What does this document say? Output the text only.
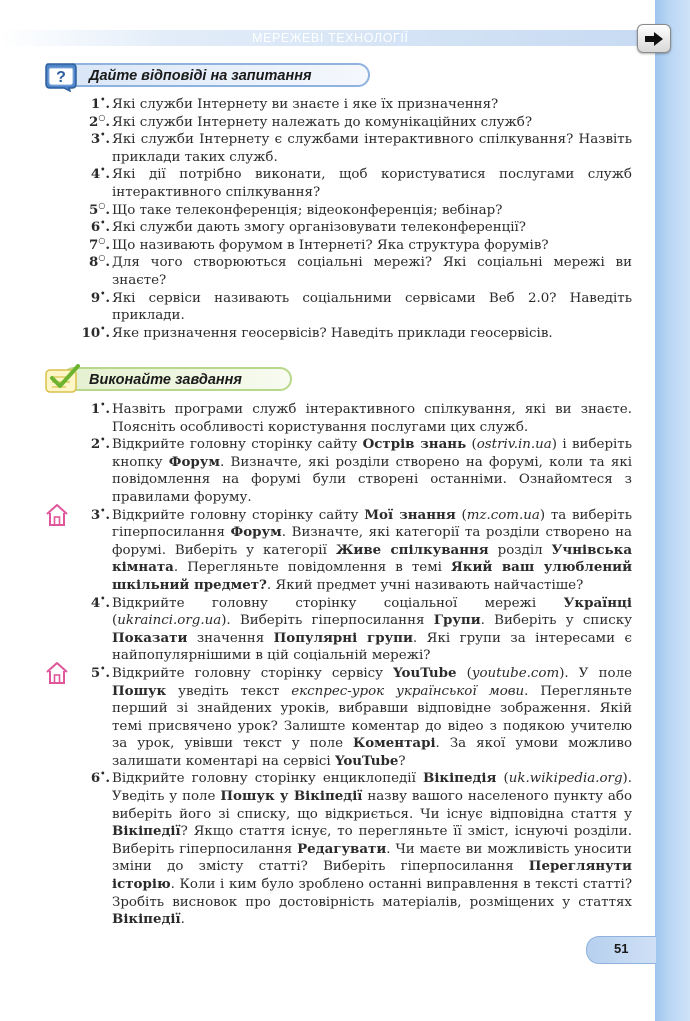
МЕРЕЖЕВІ ТЕХНОЛОГІЇ
? Дайте відповіді на запитання
1•. Які служби Інтернету ви знаєте і яке їх призначення?
2○. Які служби Інтернету належать до комунікаційних служб?
3•. Які служби Інтернету є службами інтерактивного спілкування? Назвіть приклади таких служб.
4•. Які дії потрібно виконати, щоб користуватися послугами служб інтерактивного спілкування?
5○. Що таке телеконференція; відеоконференція; вебінар?
6•. Які служби дають змогу організовувати телеконференції?
7○. Що називають форумом в Інтернеті? Яка структура форумів?
8○. Для чого створюються соціальні мережі? Які соціальні мережі ви знаєте?
9•. Які сервіси називають соціальними сервісами Веб 2.0? Наведіть приклади.
10•. Яке призначення геосервісів? Наведіть приклади геосервісів.
Виконайте завдання
1•. Назвіть програми служб інтерактивного спілкування, які ви знаєте. Поясніть особливості користування послугами цих служб.
2•. Відкрийте головну сторінку сайту Острів знань (ostriv.in.ua) і виберіть кнопку Форум. Визначте, які розділи створено на форумі, коли та які повідомлення на форумі були створені останніми. Ознайомтеся з правилами форуму.
3•. Відкрийте головну сторінку сайту Мої знання (mz.com.ua) та виберіть гіперпосилання Форум. Визначте, які категорії та розділи створено на форумі. Виберіть у категорії Живе спілкування розділ Учнівська кімната. Перегляньте повідомлення в темі Який ваш улюблений шкільний предмет?. Який предмет учні називають найчастіше?
4•. Відкрийте головну сторінку соціальної мережі Українці (ukrainci.org.ua). Виберіть гіперпосилання Групи. Виберіть у списку Показати значення Популярні групи. Які групи за інтересами є найпопулярнішими в цій соціальній мережі?
5•. Відкрийте головну сторінку сервісу YouTube (youtube.com). У поле Пошук уведіть текст експрес-урок української мови. Перегляньте перший зі знайдених уроків, вибравши відповідне зображення. Якій темі присвячено урок? Залиште коментар до відео з подякою учителю за урок, увівши текст у поле Коментарі. За якої умови можливо залишати коментарі на сервісі YouTube?
6•. Відкрийте головну сторінку енциклопедії Вікіпедія (uk.wikipedia.org). Уведіть у поле Пошук у Вікіпедії назву вашого населеного пункту або виберіть його зі списку, що відкриється. Чи існує відповідна стаття у Вікіпедії? Якщо стаття існує, то перегляньте її зміст, існуючі розділи. Виберіть гіперпосилання Редагувати. Чи маєте ви можливість уносити зміни до змісту статті? Виберіть гіперпосилання Переглянути історію. Коли і ким було зроблено останні виправлення в тексті статті? Зробіть висновок про достовірність матеріалів, розміщених у статтях Вікіпедії.
51
